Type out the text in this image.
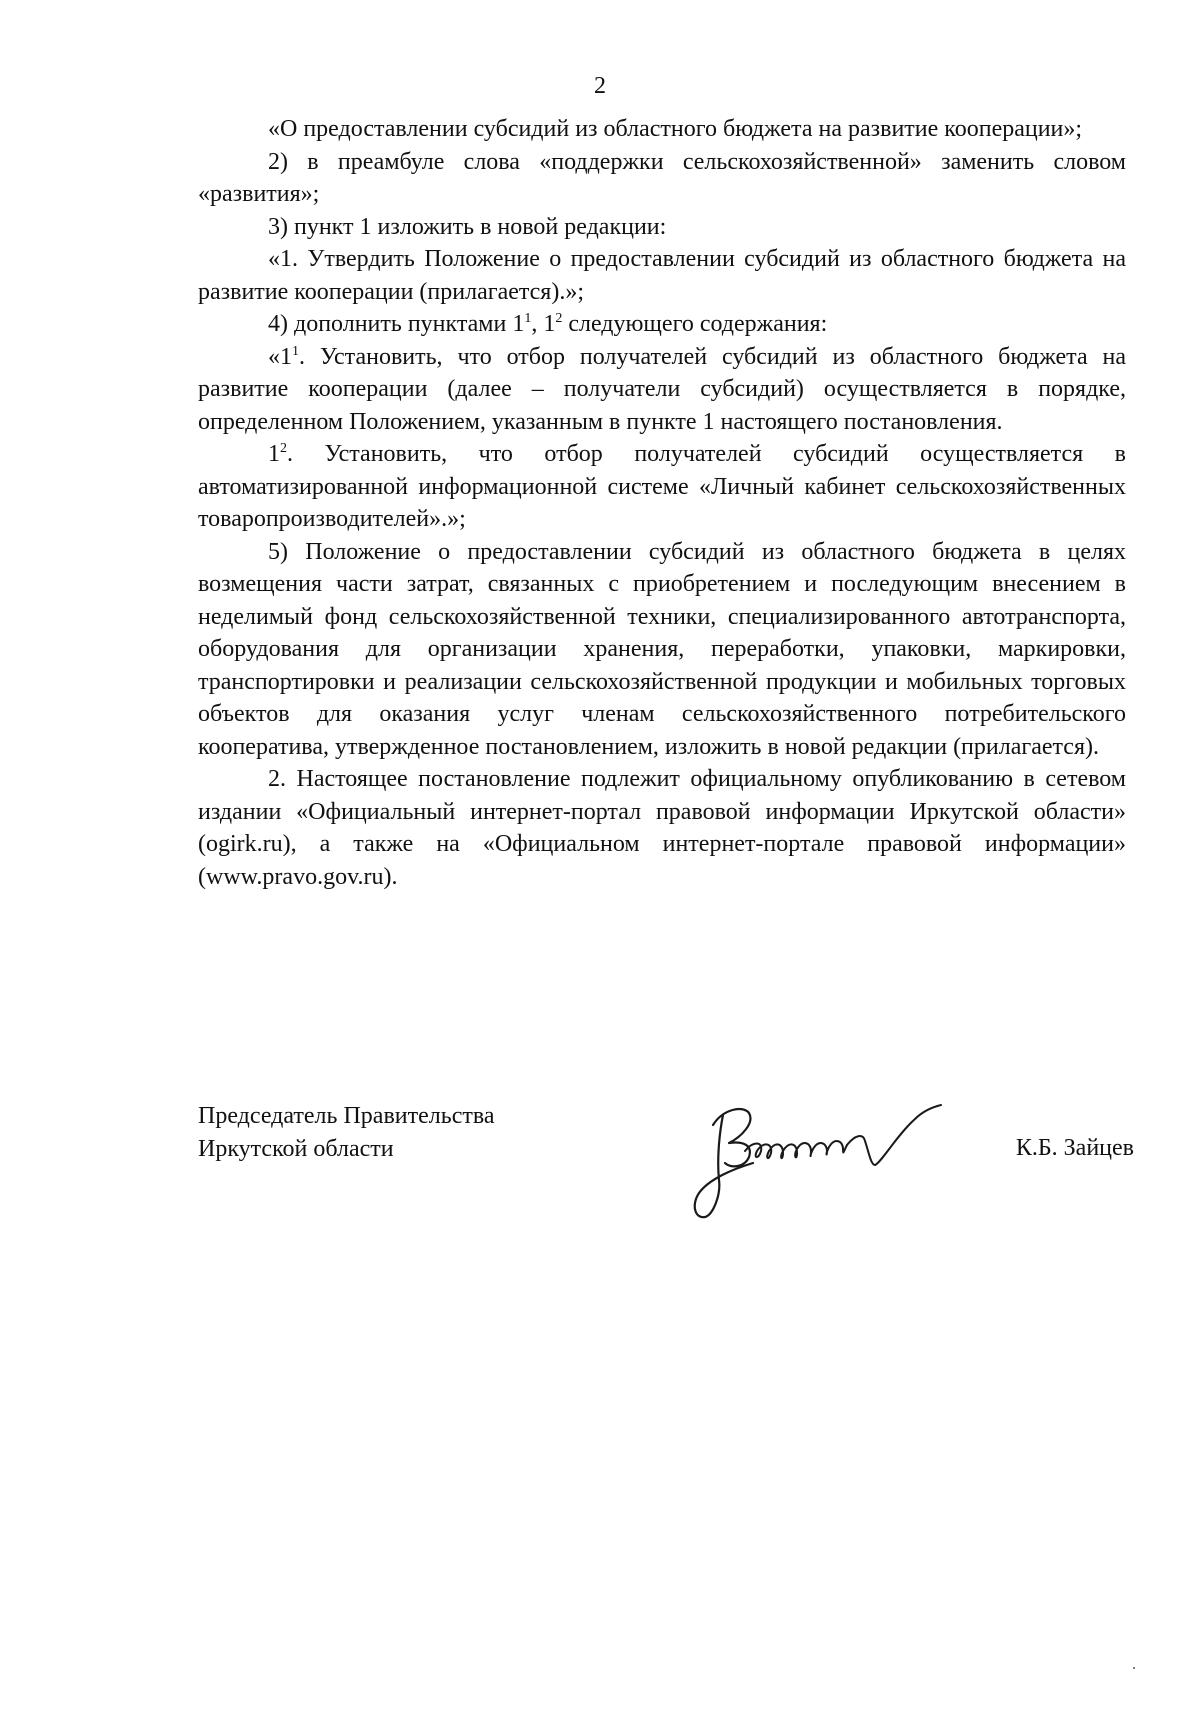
2

«О предоставлении субсидий из областного бюджета на развитие кооперации»;

2) в преамбуле слова «поддержки сельскохозяйственной» заменить словом «развития»;

3) пункт 1 изложить в новой редакции:

«1. Утвердить Положение о предоставлении субсидий из областного бюджета на развитие кооперации (прилагается).»;

4) дополнить пунктами $1^1$, $1^2$ следующего содержания:

«$1^1$. Установить, что отбор получателей субсидий из областного бюджета на развитие кооперации (далее – получатели субсидий) осуществляется в порядке, определенном Положением, указанным в пункте 1 настоящего постановления.

$1^2$. Установить, что отбор получателей субсидий осуществляется в автоматизированной информационной системе «Личный кабинет сельскохозяйственных товаропроизводителей».»;

5) Положение о предоставлении субсидий из областного бюджета в целях возмещения части затрат, связанных с приобретением и последующим внесением в неделимый фонд сельскохозяйственной техники, специализированного автотранспорта, оборудования для организации хранения, переработки, упаковки, маркировки, транспортировки и реализации сельскохозяйственной продукции и мобильных торговых объектов для оказания услуг членам сельскохозяйственного потребительского кооператива, утвержденное постановлением, изложить в новой редакции (прилагается).

2. Настоящее постановление подлежит официальному опубликованию в сетевом издании «Официальный интернет-портал правовой информации Иркутской области» (ogirk.ru), а также на «Официальном интернет-портале правовой информации» (www.pravo.gov.ru).

Председатель Правительства
Иркутской области	К.Б. Зайцев
